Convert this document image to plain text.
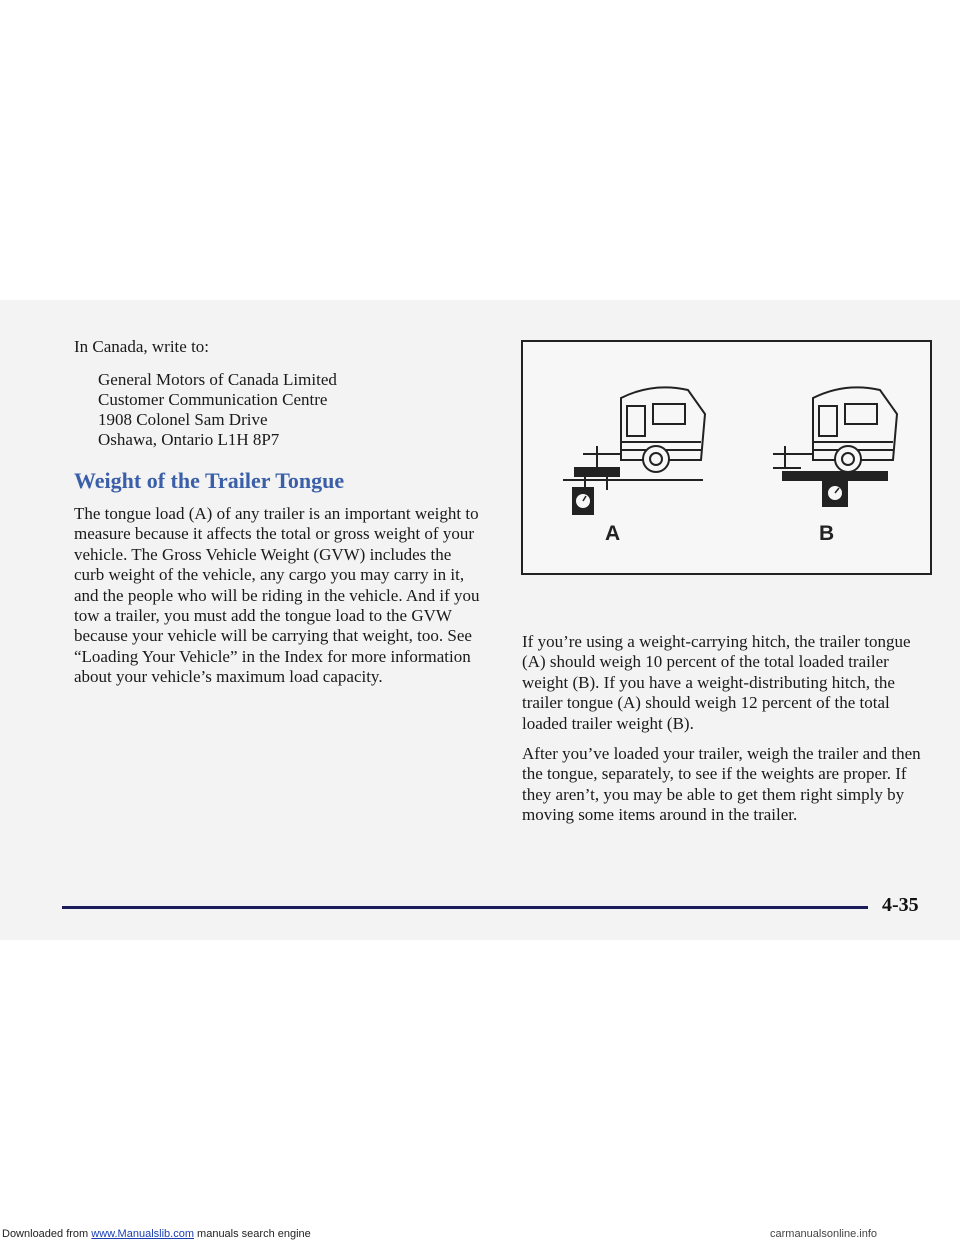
In Canada, write to:

General Motors of Canada Limited
Customer Communication Centre
1908 Colonel Sam Drive
Oshawa, Ontario L1H 8P7
Weight of the Trailer Tongue

The tongue load (A) of any trailer is an important weight to measure because it affects the total or gross weight of your vehicle. The Gross Vehicle Weight (GVW) includes the curb weight of the vehicle, any cargo you may carry in it, and the people who will be riding in the vehicle. And if you tow a trailer, you must add the tongue load to the GVW because your vehicle will be carrying that weight, too. See “Loading Your Vehicle” in the Index for more information about your vehicle’s maximum load capacity.

A	B

If you’re using a weight-carrying hitch, the trailer tongue (A) should weigh 10 percent of the total loaded trailer weight (B). If you have a weight-distributing hitch, the trailer tongue (A) should weigh 12 percent of the total loaded trailer weight (B).

After you’ve loaded your trailer, weigh the trailer and then the tongue, separately, to see if the weights are proper. If they aren’t, you may be able to get them right simply by moving some items around in the trailer.

4-35
Downloaded from www.Manualslib.com manuals search engine	carmanualsonline.info
